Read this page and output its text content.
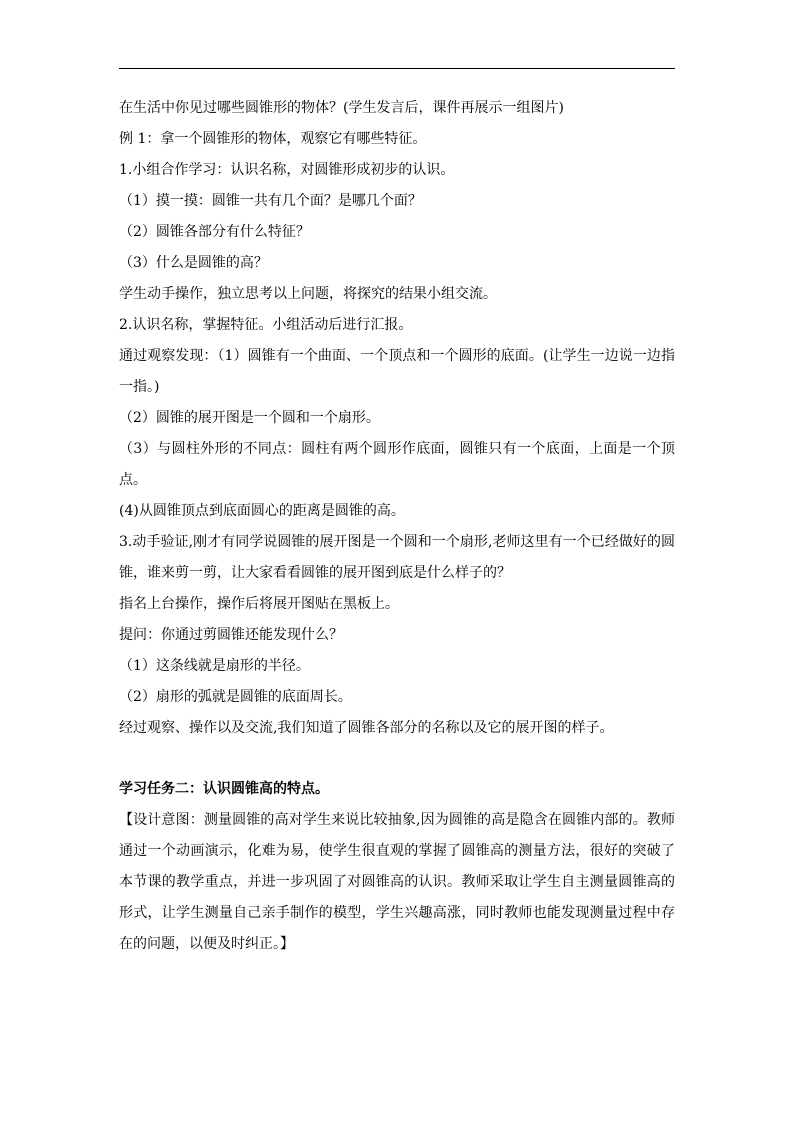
在生活中你见过哪些圆锥形的物体？(学生发言后，课件再展示一组图片)

例 1：拿一个圆锥形的物体，观察它有哪些特征。

1.小组合作学习：认识名称，对圆锥形成初步的认识。

（1）摸一摸：圆锥一共有几个面？是哪几个面？

（2）圆锥各部分有什么特征？

（3）什么是圆锥的高？

学生动手操作，独立思考以上问题，将探究的结果小组交流。

2.认识名称，掌握特征。小组活动后进行汇报。

通过观察发现：（1）圆锥有一个曲面、一个顶点和一个圆形的底面。(让学生一边说一边指一指。)

（2）圆锥的展开图是一个圆和一个扇形。

（3）与圆柱外形的不同点：圆柱有两个圆形作底面，圆锥只有一个底面，上面是一个顶点。

(4)从圆锥顶点到底面圆心的距离是圆锥的高。

3.动手验证,刚才有同学说圆锥的展开图是一个圆和一个扇形,老师这里有一个已经做好的圆锥，谁来剪一剪，让大家看看圆锥的展开图到底是什么样子的？

指名上台操作，操作后将展开图贴在黑板上。

提问：你通过剪圆锥还能发现什么？

（1）这条线就是扇形的半径。

（2）扇形的弧就是圆锥的底面周长。

经过观察、操作以及交流,我们知道了圆锥各部分的名称以及它的展开图的样子。

学习任务二：认识圆锥高的特点。

【设计意图：测量圆锥的高对学生来说比较抽象,因为圆锥的高是隐含在圆锥内部的。教师通过一个动画演示，化难为易，使学生很直观的掌握了圆锥高的测量方法，很好的突破了本节课的教学重点，并进一步巩固了对圆锥高的认识。教师采取让学生自主测量圆锥高的形式，让学生测量自己亲手制作的模型，学生兴趣高涨，同时教师也能发现测量过程中存在的问题，以便及时纠正。】
